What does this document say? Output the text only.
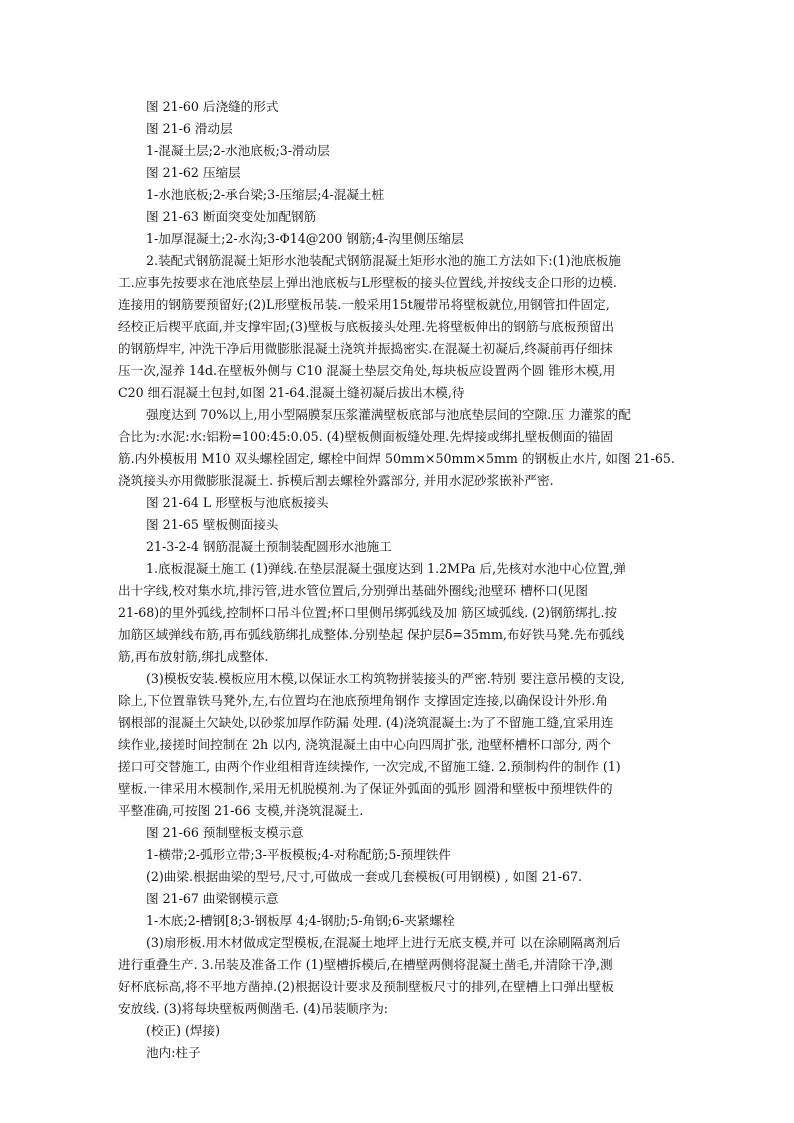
图 21-60 后浇缝的形式
图 21-6 滑动层
1-混凝土层;2-水池底板;3-滑动层
图 21-62 压缩层
1-水池底板;2-承台梁;3-压缩层;4-混凝土桩
图 21-63 断面突变处加配钢筋
1-加厚混凝土;2-水沟;3-Φ14@200 钢筋;4-沟里侧压缩层
2.装配式钢筋混凝土矩形水池装配式钢筋混凝土矩形水池的施工方法如下:(1)池底板施
工.应事先按要求在池底垫层上弹出池底板与L形壁板的接头位置线,并按线支企口形的边模.
连接用的钢筋要预留好;(2)L形壁板吊装.一般采用15t履带吊将壁板就位,用钢管扣件固定,
经校正后楔平底面,并支撑牢固;(3)壁板与底板接头处理.先将壁板伸出的钢筋与底板预留出
的钢筋焊牢, 冲洗干净后用微膨胀混凝土浇筑并振捣密实.在混凝土初凝后,终凝前再仔细抹
压一次,湿养 14d.在壁板外侧与 C10 混凝土垫层交角处,每块板应设置两个圆 锥形木模,用
C20 细石混凝土包封,如图 21-64.混凝土缝初凝后拔出木模,待
强度达到 70%以上,用小型隔膜泵压浆灌满壁板底部与池底垫层间的空隙.压 力灌浆的配
合比为:水泥:水:铝粉=100:45:0.05. (4)壁板侧面板缝处理.先焊接或绑扎壁板侧面的锚固
筋.内外模板用 M10 双头螺栓固定, 螺栓中间焊 50mm×50mm×5mm 的钢板止水片, 如图 21-65.
浇筑接头亦用微膨胀混凝土. 拆模后割去螺栓外露部分, 并用水泥砂浆嵌补严密.
图 21-64 L 形壁板与池底板接头
图 21-65 壁板侧面接头
21-3-2-4 钢筋混凝土预制装配圆形水池施工
1.底板混凝土施工 (1)弹线.在垫层混凝土强度达到 1.2MPa 后,先核对水池中心位置,弹
出十字线,校对集水坑,排污管,进水管位置后,分别弹出基础外圈线;池壁环 槽杯口(见图
21-68)的里外弧线,控制杯口吊斗位置;杯口里侧吊绑弧线及加 筋区域弧线. (2)钢筋绑扎.按
加筋区域弹线布筋,再布弧线筋绑扎成整体.分别垫起 保护层δ=35mm,布好铁马凳.先布弧线
筋,再布放射筋,绑扎成整体.
(3)模板安装.模板应用木模,以保证水工构筑物拼装接头的严密.特别 要注意吊模的支设,
除上,下位置靠铁马凳外,左,右位置均在池底预埋角钢作 支撑固定连接,以确保设计外形.角
钢根部的混凝土欠缺处,以砂浆加厚作防漏 处理. (4)浇筑混凝土:为了不留施工缝,宜采用连
续作业,接搓时间控制在 2h 以内, 浇筑混凝土由中心向四周扩张, 池壁杯槽杯口部分, 两个
搓口可交替施工, 由两个作业组相背连续操作, 一次完成,不留施工缝. 2.预制构件的制作 (1)
壁板.一律采用木模制作,采用无机脱模剂.为了保证外弧面的弧形 圆滑和壁板中预埋铁件的
平整准确,可按图 21-66 支模,并浇筑混凝土.
图 21-66 预制壁板支模示意
1-横带;2-弧形立带;3-平板模板;4-对称配筋;5-预埋铁件
(2)曲梁.根据曲梁的型号,尺寸,可做成一套或几套模板(可用钢模) , 如图 21-67.
图 21-67 曲梁钢模示意
1-木底;2-槽钢[8;3-钢板厚 4;4-钢肋;5-角钢;6-夹紧螺栓
(3)扇形板.用木材做成定型模板,在混凝土地坪上进行无底支模,并可 以在涂刷隔离剂后
进行重叠生产. 3.吊装及准备工作 (1)壁槽拆模后,在槽壁两侧将混凝土凿毛,并清除干净,测
好杯底标高,将不平地方凿掉.(2)根据设计要求及预制壁板尺寸的排列,在壁槽上口弹出壁板
安放线. (3)将每块壁板两侧凿毛. (4)吊装顺序为:
(校正) (焊接)
池内:柱子
